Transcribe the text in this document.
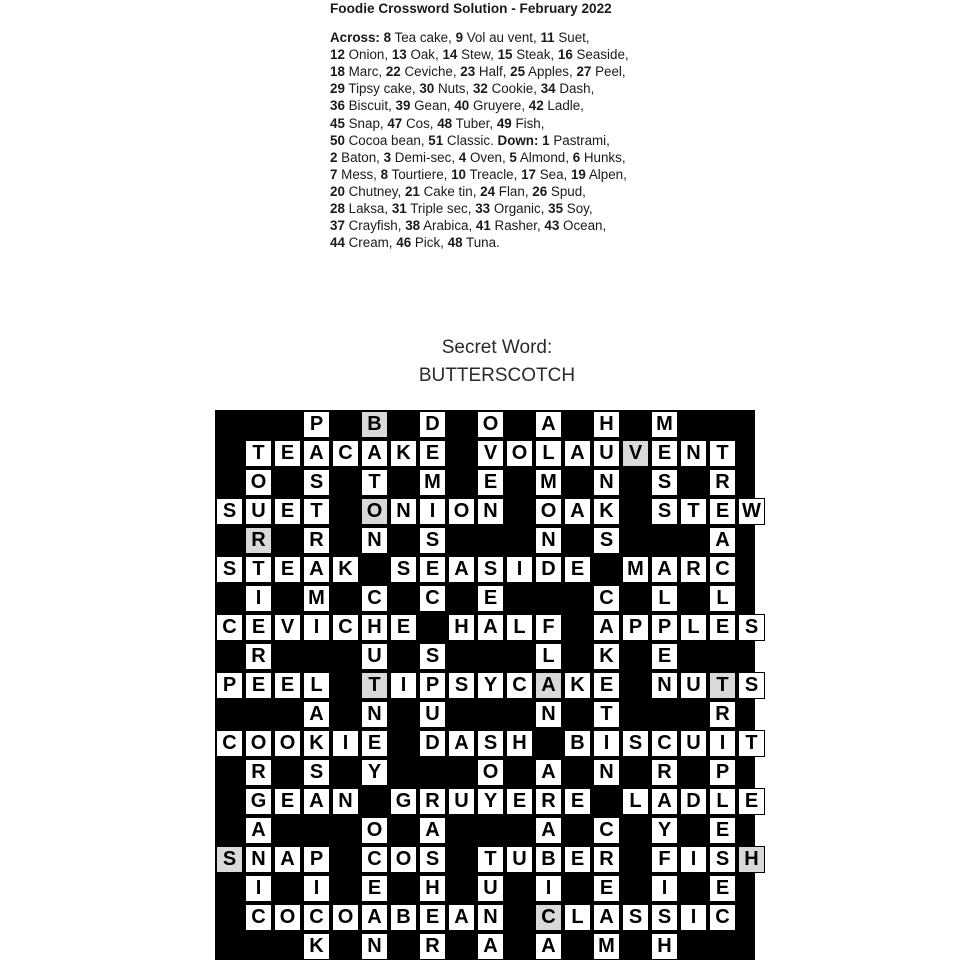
Foodie Crossword Solution - February 2022
Across: 8 Tea cake, 9 Vol au vent, 11 Suet,
12 Onion, 13 Oak, 14 Stew, 15 Steak, 16 Seaside,
18 Marc, 22 Ceviche, 23 Half, 25 Apples, 27 Peel,
29 Tipsy cake, 30 Nuts, 32 Cookie, 34 Dash,
36 Biscuit, 39 Gean, 40 Gruyere, 42 Ladle,
45 Snap, 47 Cos, 48 Tuber, 49 Fish,
50 Cocoa bean, 51 Classic. Down: 1 Pastrami,
2 Baton, 3 Demi-sec, 4 Oven, 5 Almond, 6 Hunks,
7 Mess, 8 Tourtiere, 10 Treacle, 17 Sea, 19 Alpen,
20 Chutney, 21 Cake tin, 24 Flan, 26 Spud,
28 Laksa, 31 Triple sec, 33 Organic, 35 Soy,
37 Crayfish, 38 Arabica, 41 Rasher, 43 Ocean,
44 Cream, 46 Pick, 48 Tuna.
Secret Word:
BUTTERSCOTCH
P	B	D	O	A	H	M
T E A C A K E	V O L A U V E N T
O	S	T	M	E	M	N	S	R
S U E T	O N I O N	O A K	S T E W
R	R	N	S	N	S	A
S T E A K	S E A S I D E	M A R C
I	M	C	C	E	C	L	L
C E V I C H E	H A L F	A P P L E S
R	U	S	L	K	E
P E E L	T	I P S Y C A K E	N U T S
A	N	U	N	T	R
C O O K I E	D A S H	B I S C U I	T
R	S	Y	O	A	N	R	P
G E A N	G R U Y E R E	L A D L E
A	O	A	A	C	Y	E
S N A P	C O S	T U B E R	F	I S H
I	I	E	H	U	I	E	I	E
C O C O A B E A N	C L A S S I C
K	N	R	A	A	M	H
